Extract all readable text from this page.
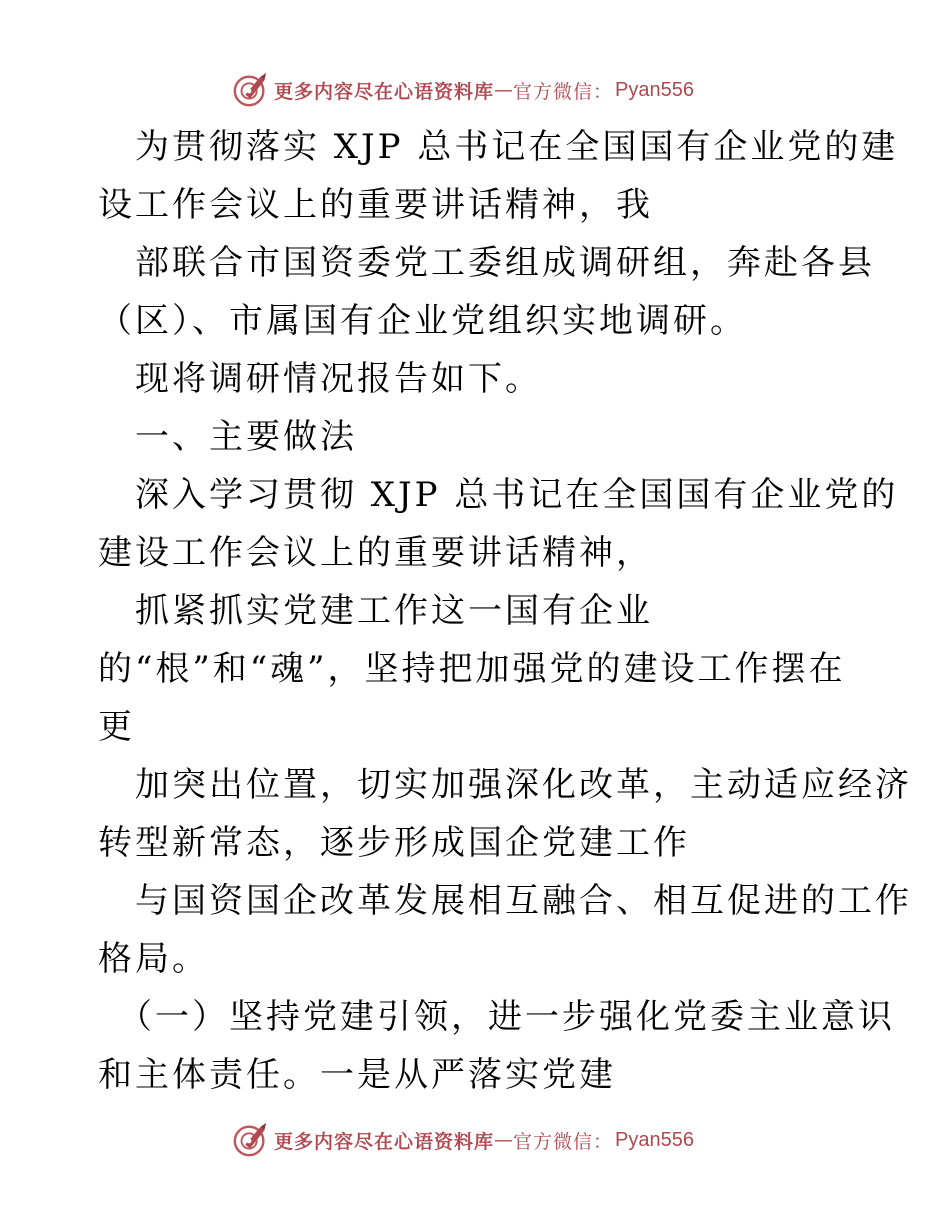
更多内容尽在心语资料库 — 官方微信： Pyan556
　为贯彻落实 XJP 总书记在全国国有企业党的建
设工作会议上的重要讲话精神，我
　部联合市国资委党工委组成调研组，奔赴各县
（区）、市属国有企业党组织实地调研。
　现将调研情况报告如下。
　一、主要做法
　深入学习贯彻 XJP 总书记在全国国有企业党的
建设工作会议上的重要讲话精神，
　抓紧抓实党建工作这一国有企业
的“根”和“魂”，坚持把加强党的建设工作摆在
更
　加突出位置，切实加强深化改革，主动适应经济
转型新常态，逐步形成国企党建工作
　与国资国企改革发展相互融合、相互促进的工作
格局。
　（一）坚持党建引领，进一步强化党委主业意识
和主体责任。一是从严落实党建
更多内容尽在心语资料库 — 官方微信： Pyan556
